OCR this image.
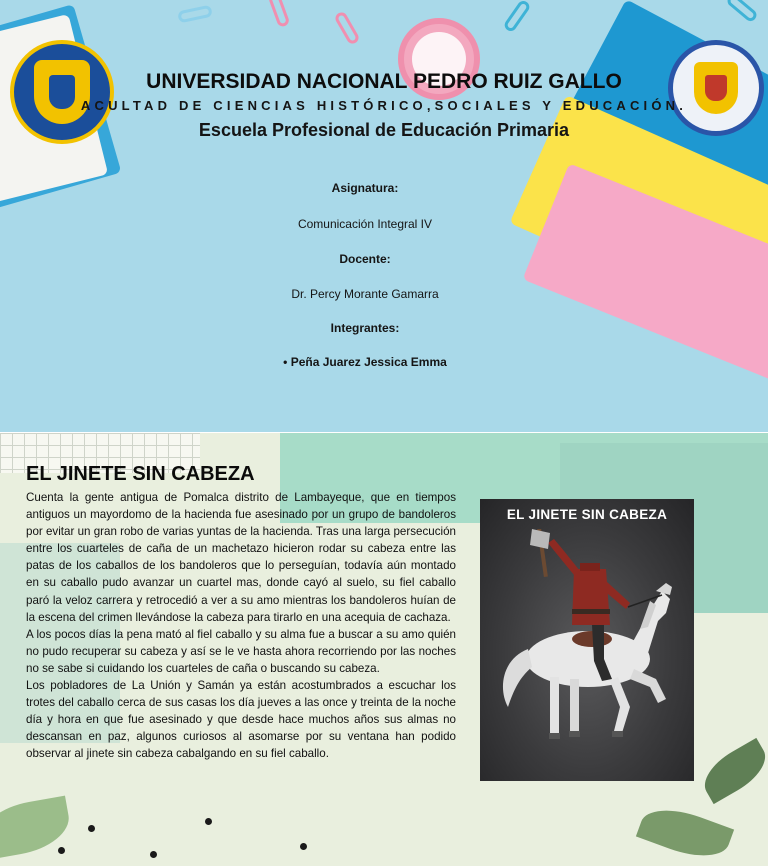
UNIVERSIDAD NACIONAL PEDRO RUIZ GALLO
ACULTAD DE CIENCIAS HISTÓRICO,SOCIALES Y EDUCACIÓN.
Escuela Profesional de Educación Primaria
Asignatura:
Comunicación Integral IV
Docente:
Dr. Percy Morante Gamarra
Integrantes:
• Peña Juarez Jessica Emma
EL JINETE SIN CABEZA

Cuenta la gente antigua de Pomalca distrito de Lambayeque, que en tiempos antiguos un mayordomo de la hacienda fue asesinado por un grupo de bandoleros por evitar un gran robo de varias yuntas de la hacienda. Tras una larga persecución entre los cuarteles de caña de un machetazo hicieron rodar su cabeza entre las patas de los caballos de los bandoleros que lo perseguían, todavía aún montado en su caballo pudo avanzar un cuartel mas, donde cayó al suelo, su fiel caballo paró la veloz carrera y retrocedió a ver a su amo mientras los bandoleros huían de la escena del crimen llevándose la cabeza para tirarlo en una acequia de cachaza.

A los pocos días la pena mató al fiel caballo y su alma fue a buscar a su amo quién no pudo recuperar su cabeza y así se le ve hasta ahora recorriendo por las noches no se sabe si cuidando los cuarteles de caña o buscando su cabeza.

Los pobladores de La Unión y Samán ya están acostumbrados a escuchar los trotes del caballo cerca de sus casas los día jueves a las once y treinta de la noche día y hora en que fue asesinado y que desde hace muchos años sus almas no descansan en paz, algunos curiosos al asomarse por su ventana han podido observar al jinete sin cabeza cabalgando en su fiel caballo.

EL JINETE SIN CABEZA
